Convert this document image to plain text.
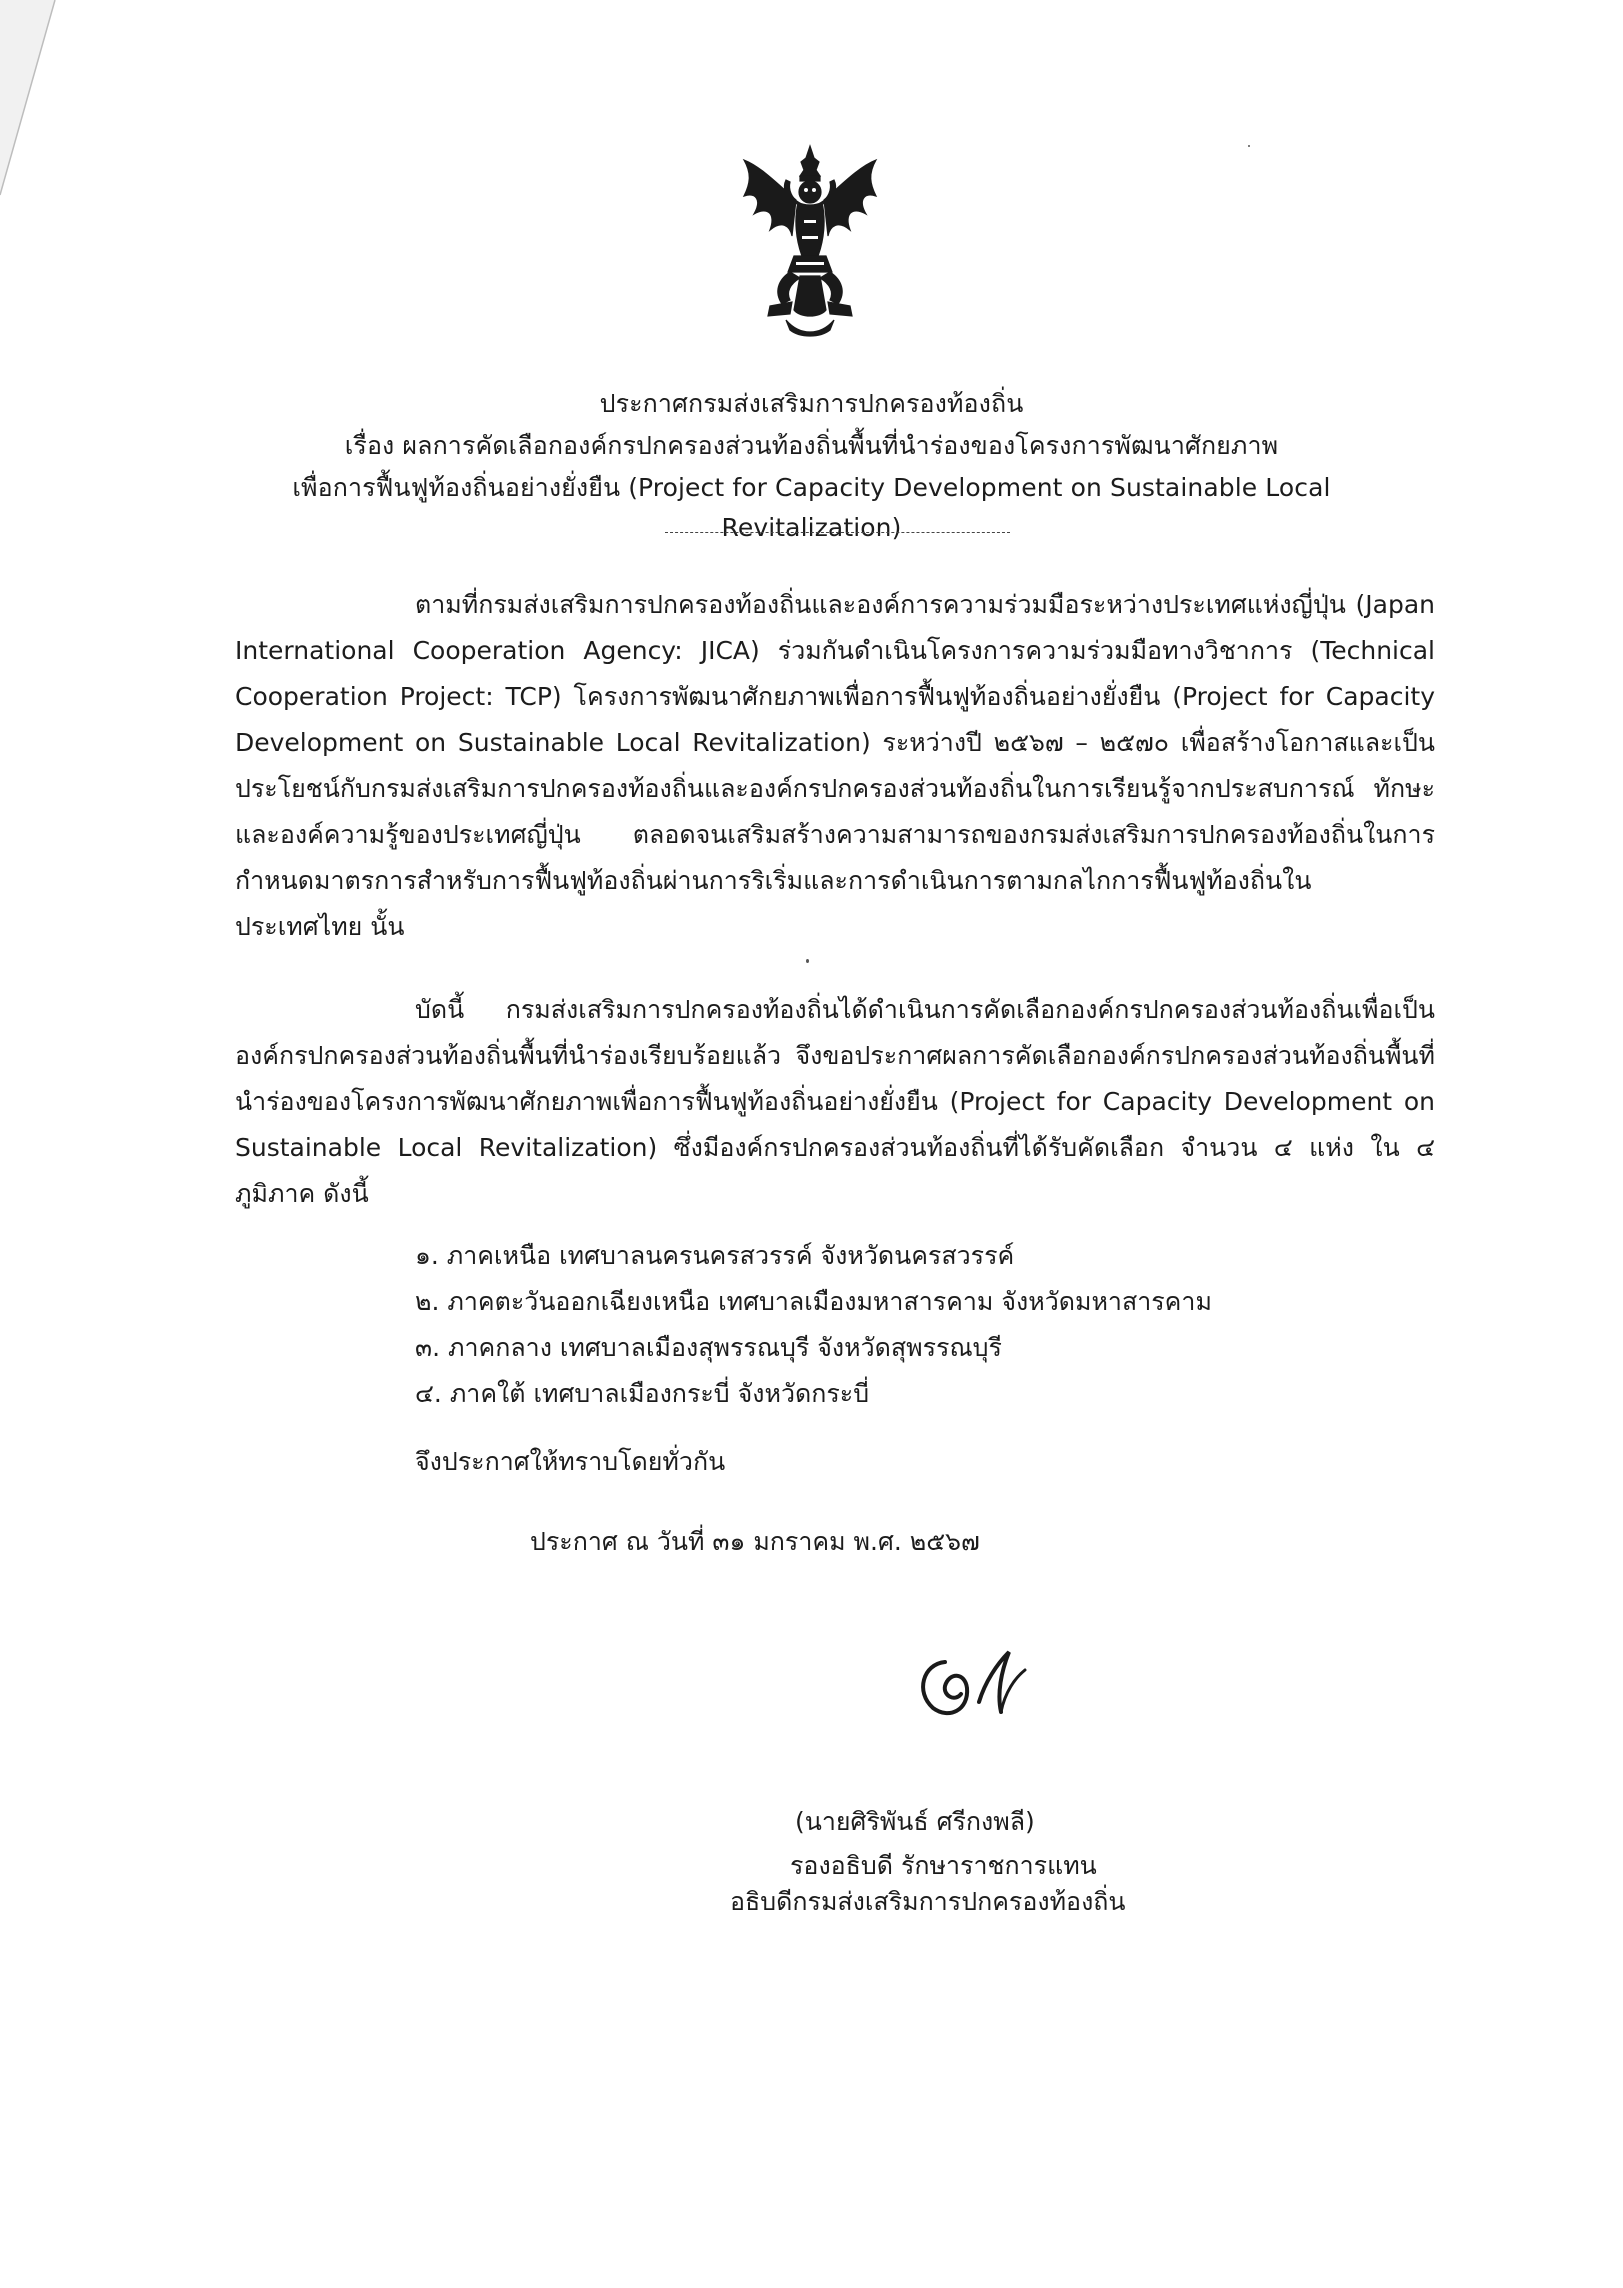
ประกาศกรมส่งเสริมการปกครองท้องถิ่น
เรื่อง ผลการคัดเลือกองค์กรปกครองส่วนท้องถิ่นพื้นที่นำร่องของโครงการพัฒนาศักยภาพ
เพื่อการฟื้นฟูท้องถิ่นอย่างยั่งยืน (Project for Capacity Development on Sustainable Local Revitalization)
ตามที่กรมส่งเสริมการปกครองท้องถิ่นและองค์การความร่วมมือระหว่างประเทศแห่งญี่ปุ่น (Japan International Cooperation Agency: JICA) ร่วมกันดำเนินโครงการความร่วมมือทางวิชาการ (Technical Cooperation Project: TCP) โครงการพัฒนาศักยภาพเพื่อการฟื้นฟูท้องถิ่นอย่างยั่งยืน (Project for Capacity Development on Sustainable Local Revitalization) ระหว่างปี ๒๕๖๗ – ๒๕๗๐ เพื่อสร้างโอกาสและเป็นประโยชน์กับกรมส่งเสริมการปกครองท้องถิ่นและองค์กรปกครองส่วนท้องถิ่นในการเรียนรู้จากประสบการณ์ ทักษะ และองค์ความรู้ของประเทศญี่ปุ่น ตลอดจนเสริมสร้างความสามารถของกรมส่งเสริมการปกครองท้องถิ่นในการกำหนดมาตรการสำหรับการฟื้นฟูท้องถิ่นผ่านการริเริ่มและการดำเนินการตามกลไกการฟื้นฟูท้องถิ่นในประเทศไทย นั้น
บัดนี้ กรมส่งเสริมการปกครองท้องถิ่นได้ดำเนินการคัดเลือกองค์กรปกครองส่วนท้องถิ่นเพื่อเป็นองค์กรปกครองส่วนท้องถิ่นพื้นที่นำร่องเรียบร้อยแล้ว จึงขอประกาศผลการคัดเลือกองค์กรปกครองส่วนท้องถิ่นพื้นที่นำร่องของโครงการพัฒนาศักยภาพเพื่อการฟื้นฟูท้องถิ่นอย่างยั่งยืน (Project for Capacity Development on Sustainable Local Revitalization) ซึ่งมีองค์กรปกครองส่วนท้องถิ่นที่ได้รับคัดเลือก จำนวน ๔ แห่ง ใน ๔ ภูมิภาค ดังนี้
๑. ภาคเหนือ เทศบาลนครนครสวรรค์ จังหวัดนครสวรรค์
๒. ภาคตะวันออกเฉียงเหนือ เทศบาลเมืองมหาสารคาม จังหวัดมหาสารคาม
๓. ภาคกลาง เทศบาลเมืองสุพรรณบุรี จังหวัดสุพรรณบุรี
๔. ภาคใต้ เทศบาลเมืองกระบี่ จังหวัดกระบี่
จึงประกาศให้ทราบโดยทั่วกัน
ประกาศ ณ วันที่ ๓๑ มกราคม พ.ศ. ๒๕๖๗
(นายศิริพันธ์ ศรีกงพลี)
รองอธิบดี รักษาราชการแทน
อธิบดีกรมส่งเสริมการปกครองท้องถิ่น
